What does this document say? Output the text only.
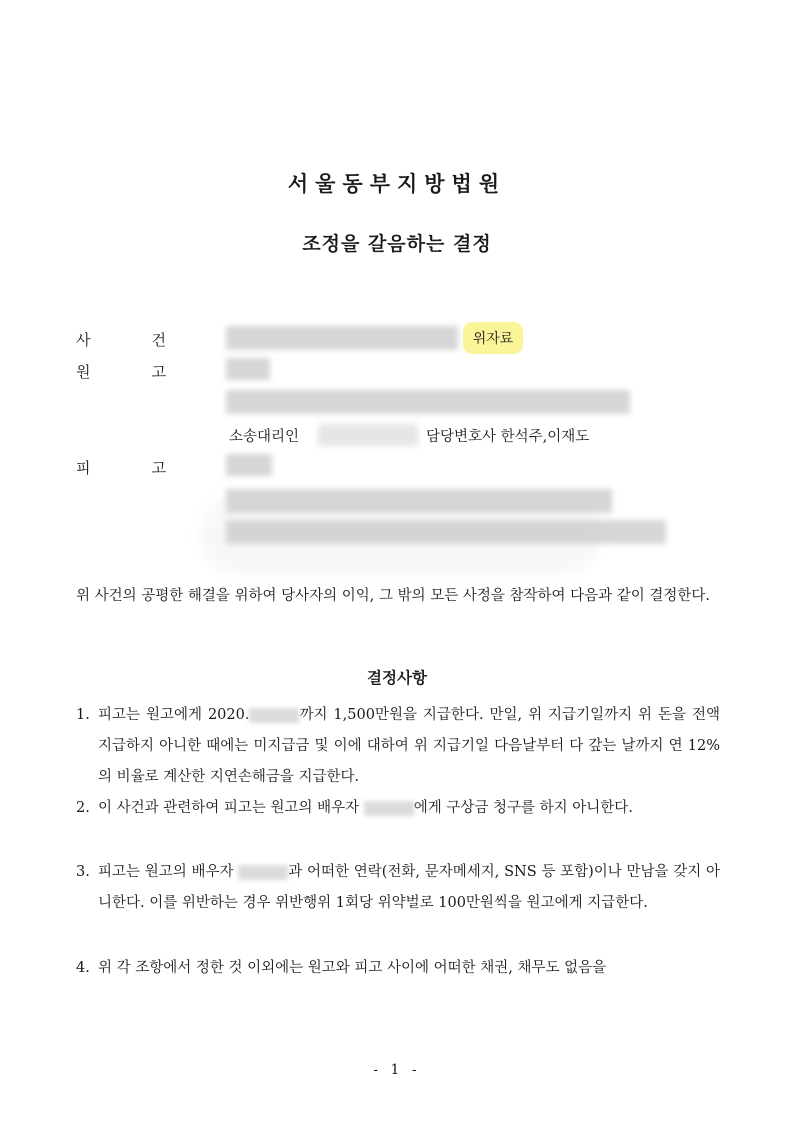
서울동부지방법원
조정을 갈음하는 결정
사	건	위자료
원	고
소송대리인	담당변호사 한석주,이재도
피	고
위 사건의 공평한 해결을 위하여 당사자의 이익, 그 밖의 모든 사정을 참작하여 다음과 같이 결정한다.
결정사항
1. 피고는 원고에게 2020.	까지 1,500만원을 지급한다. 만일, 위 지급기일까지 위 돈을 전액 지급하지 아니한 때에는 미지급금 및 이에 대하여 위 지급기일 다음날부터 다 갚는 날까지 연 12%의 비율로 계산한 지연손해금을 지급한다.
2. 이 사건과 관련하여 피고는 원고의 배우자	에게 구상금 청구를 하지 아니한다.
3. 피고는 원고의 배우자	과 어떠한 연락(전화, 문자메세지, SNS 등 포함)이나 만남을 갖지 아니한다. 이를 위반하는 경우 위반행위 1회당 위약벌로 100만원씩을 원고에게 지급한다.
4. 위 각 조항에서 정한 것 이외에는 원고와 피고 사이에 어떠한 채권, 채무도 없음을
- 1 -
